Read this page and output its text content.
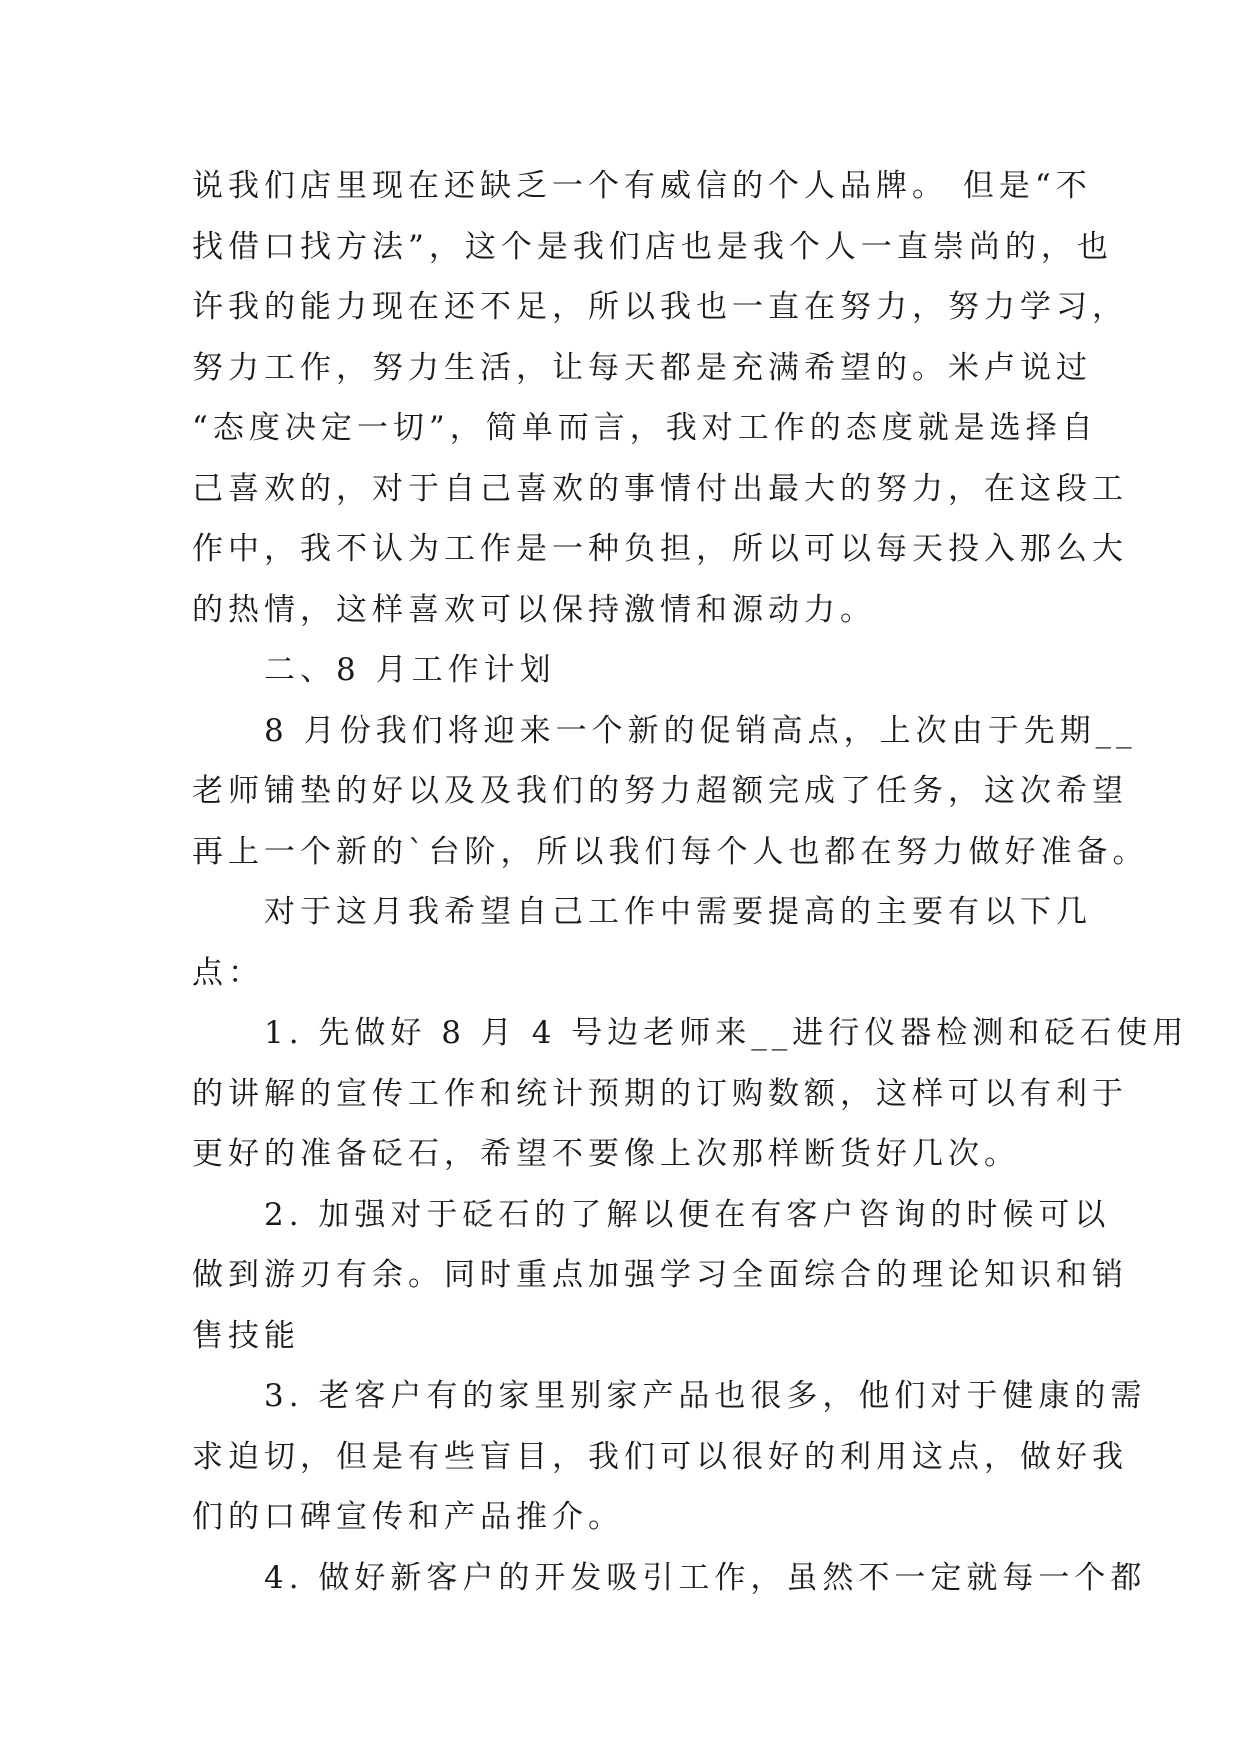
说我们店里现在还缺乏一个有威信的个人品牌。 但是“不
找借口找方法”，这个是我们店也是我个人一直崇尚的，也
许我的能力现在还不足，所以我也一直在努力，努力学习，
努力工作，努力生活，让每天都是充满希望的。米卢说过
“态度决定一切”，简单而言，我对工作的态度就是选择自
己喜欢的，对于自己喜欢的事情付出最大的努力，在这段工
作中，我不认为工作是一种负担，所以可以每天投入那么大
的热情，这样喜欢可以保持激情和源动力。
　　二、8 月工作计划
　　8 月份我们将迎来一个新的促销高点，上次由于先期__
老师铺垫的好以及及我们的努力超额完成了任务，这次希望
再上一个新的`台阶，所以我们每个人也都在努力做好准备。
　　对于这月我希望自己工作中需要提高的主要有以下几
点：
　　1. 先做好 8 月 4 号边老师来__进行仪器检测和砭石使用
的讲解的宣传工作和统计预期的订购数额，这样可以有利于
更好的准备砭石，希望不要像上次那样断货好几次。
　　2. 加强对于砭石的了解以便在有客户咨询的时候可以
做到游刃有余。同时重点加强学习全面综合的理论知识和销
售技能
　　3. 老客户有的家里别家产品也很多，他们对于健康的需
求迫切，但是有些盲目，我们可以很好的利用这点，做好我
们的口碑宣传和产品推介。
　　4. 做好新客户的开发吸引工作，虽然不一定就每一个都
